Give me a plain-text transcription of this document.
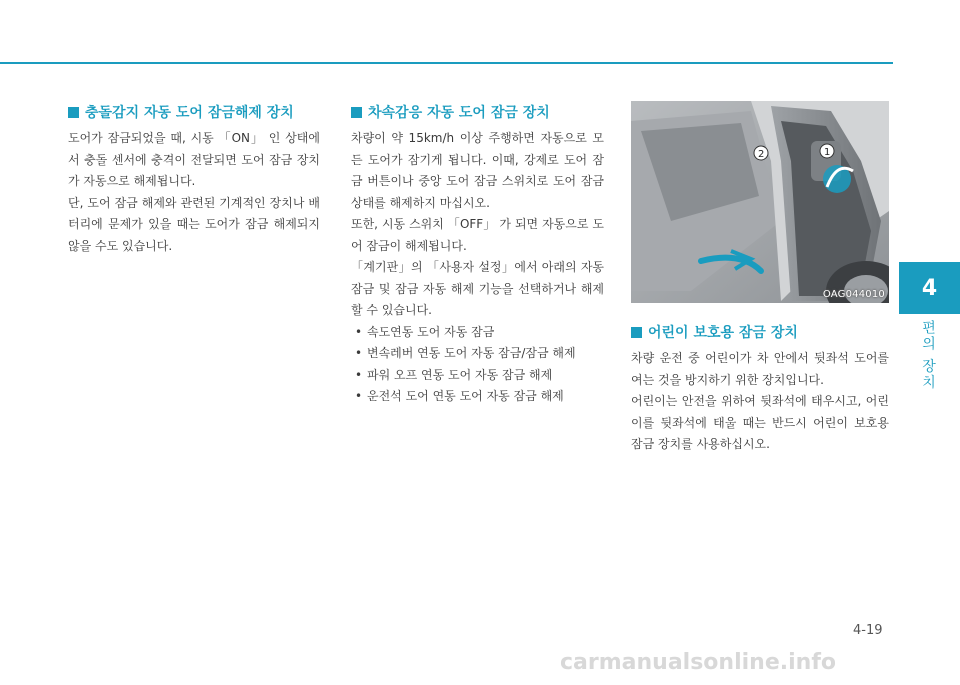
충돌감지 자동 도어 잠금해제 장치

도어가 잠금되었을 때, 시동 「ON」 인 상태에서 충돌 센서에 충격이 전달되면 도어 잠금 장치가 자동으로 해제됩니다.

단, 도어 잠금 해제와 관련된 기계적인 장치나 배터리에 문제가 있을 때는 도어가 잠금 해제되지 않을 수도 있습니다.

차속감응 자동 도어 잠금 장치

차량이 약 15km/h 이상 주행하면 자동으로 모든 도어가 잠기게 됩니다. 이때, 강제로 도어 잠금 버튼이나 중앙 도어 잠금 스위치로 도어 잠금상태를 해제하지 마십시오.

또한, 시동 스위치 「OFF」 가 되면 자동으로 도어 잠금이 해제됩니다.

「계기판」의 「사용자 설정」에서 아래의 자동 잠금 및 잠금 자동 해제 기능을 선택하거나 해제할 수 있습니다.

• 속도연동 도어 자동 잠금
• 변속레버 연동 도어 자동 잠금/잠금 해제
• 파워 오프 연동 도어 자동 잠금 해제
• 운전석 도어 연동 도어 자동 잠금 해제
2	1
OAG044010
어린이 보호용 잠금 장치

차량 운전 중 어린이가 차 안에서 뒷좌석 도어를 여는 것을 방지하기 위한 장치입니다.

어린이는 안전을 위하여 뒷좌석에 태우시고, 어린이를 뒷좌석에 태울 때는 반드시 어린이 보호용 잠금 장치를 사용하십시오.

4
편의 장치
4-19
carmanualsonline.info
